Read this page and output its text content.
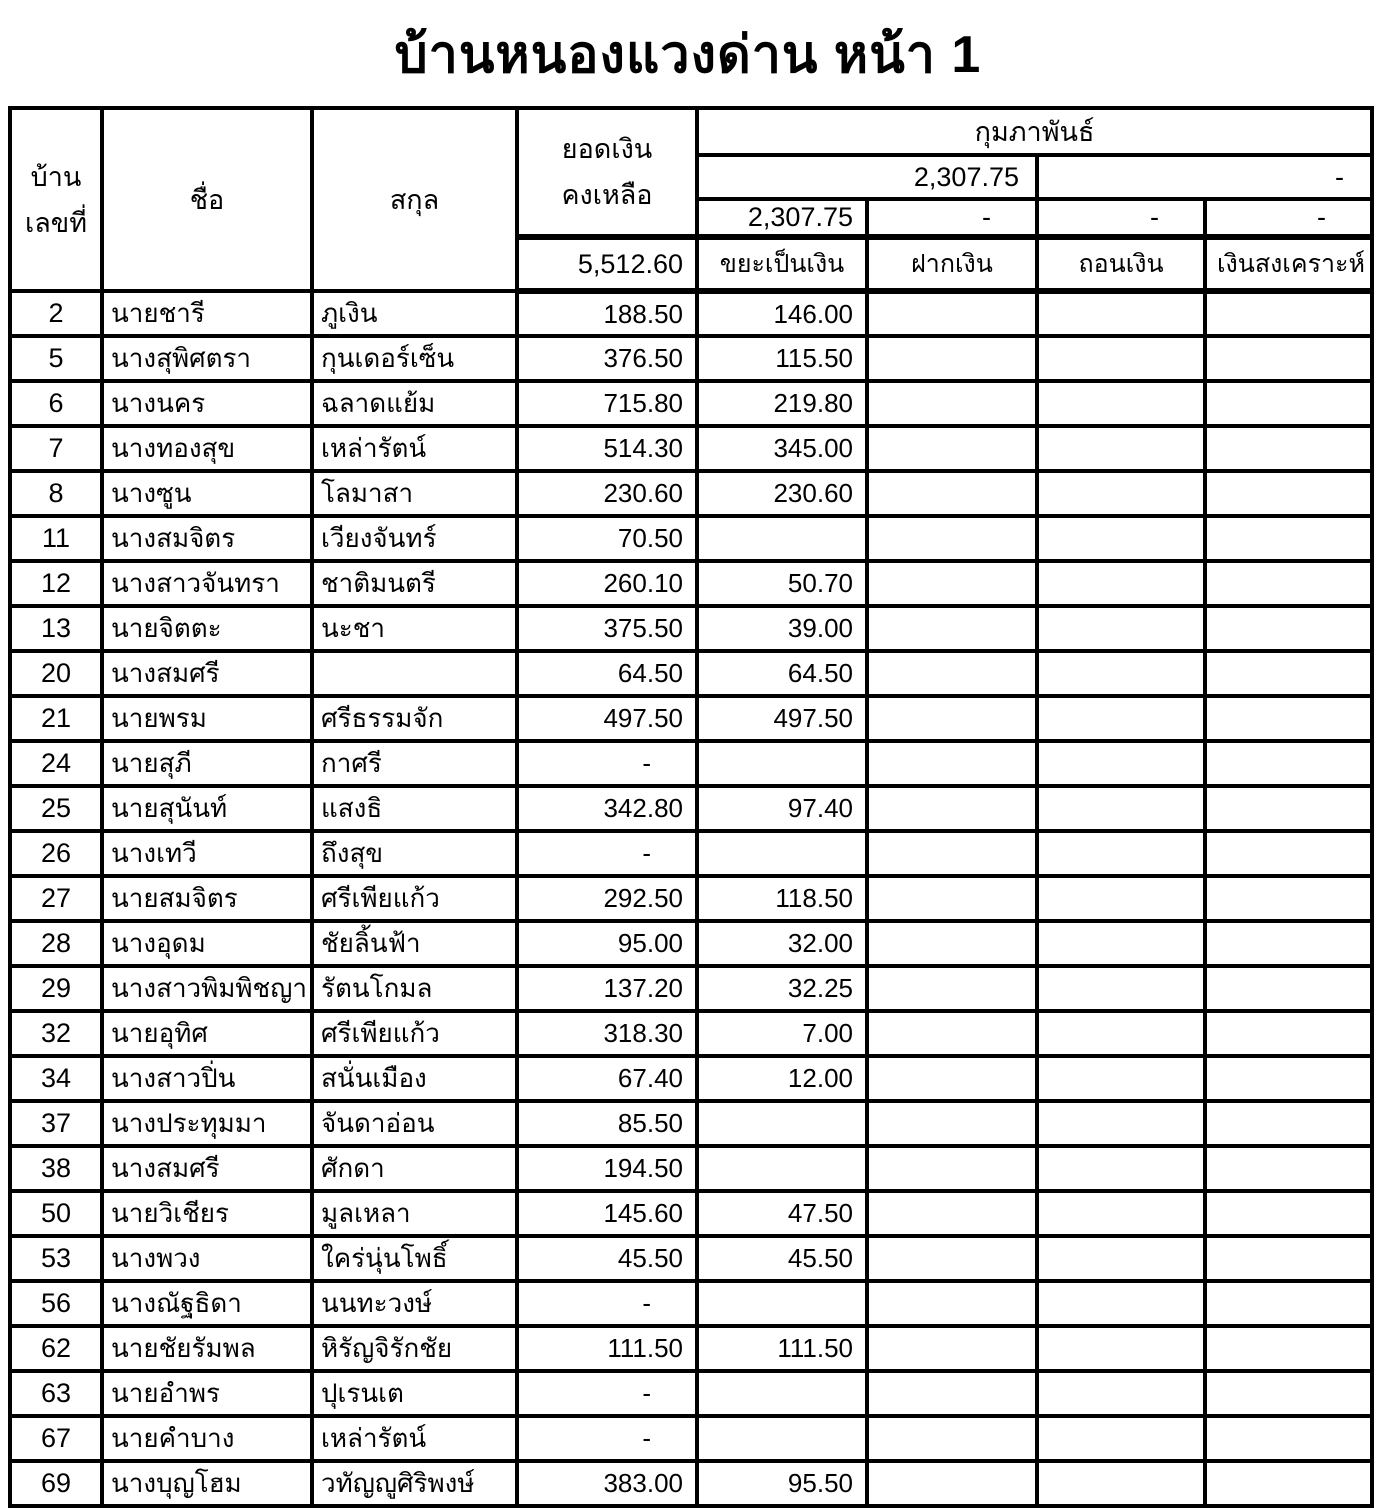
บ้านหนองแวงด่าน หน้า 1
บ้าน
เลขที่
	ชื่อ	สกุล	
ยอดเงิน
คงเหลือ
	กุมภาพันธ์
				2,307.75		-	
				2,307.75	-	-	-
			5,512.60	ขยะเป็นเงิน	ฝากเงิน	ถอนเงิน	เงินสงเคราะห์
2	นายชารี	ภูเงิน	188.50	146.00			
5	นางสุพิศตรา	กุนเดอร์เซ็น	376.50	115.50			
6	นางนคร	ฉลาดแย้ม	715.80	219.80			
7	นางทองสุข	เหล่ารัตน์	514.30	345.00			
8	นางซูน	โลมาสา	230.60	230.60			
11	นางสมจิตร	เวียงจันทร์	70.50				
12	นางสาวจันทรา	ชาติมนตรี	260.10	50.70			
13	นายจิตตะ	นะชา	375.50	39.00			
20	นางสมศรี		64.50	64.50			
21	นายพรม	ศรีธรรมจัก	497.50	497.50			
24	นายสุภี	กาศรี	-				
25	นายสุนันท์	แสงธิ	342.80	97.40			
26	นางเทวี	ถึงสุข	-				
27	นายสมจิตร	ศรีเพียแก้ว	292.50	118.50			
28	นางอุดม	ชัยลิ้นฟ้า	95.00	32.00			
29	นางสาวพิมพิชญา	รัตนโกมล	137.20	32.25			
32	นายอุทิศ	ศรีเพียแก้ว	318.30	7.00			
34	นางสาวปิ่น	สนั่นเมือง	67.40	12.00			
37	นางประทุมมา	จันดาอ่อน	85.50				
38	นางสมศรี	ศักดา	194.50				
50	นายวิเชียร	มูลเหลา	145.60	47.50			
53	นางพวง	ใคร่นุ่นโพธิ์	45.50	45.50			
56	นางณัฐธิดา	นนทะวงษ์	-				
62	นายชัยรัมพล	หิรัญจิรักชัย	111.50	111.50			
63	นายอำพร	ปุเรนเต	-				
67	นายคำบาง	เหล่ารัตน์	-				
69	นางบุญโฮม	วทัญญูศิริพงษ์	383.00	95.50			
